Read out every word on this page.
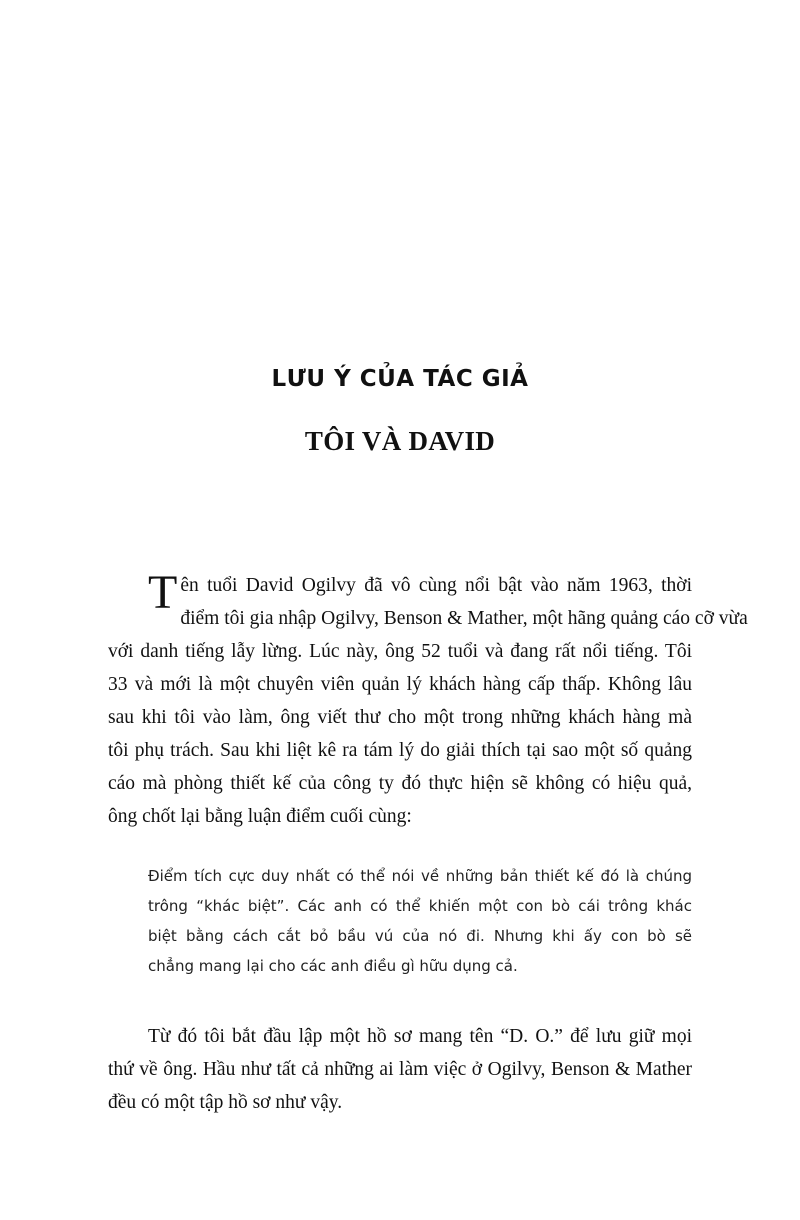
LƯU Ý CỦA TÁC GIẢ
TÔI VÀ DAVID
Tên tuổi David Ogilvy đã vô cùng nổi bật vào năm 1963, thời
điểm tôi gia nhập Ogilvy, Benson & Mather, một hãng quảng cáo cỡ vừa
với danh tiếng lẫy lừng. Lúc này, ông 52 tuổi và đang rất nổi tiếng. Tôi
33 và mới là một chuyên viên quản lý khách hàng cấp thấp. Không lâu
sau khi tôi vào làm, ông viết thư cho một trong những khách hàng mà
tôi phụ trách. Sau khi liệt kê ra tám lý do giải thích tại sao một số quảng
cáo mà phòng thiết kế của công ty đó thực hiện sẽ không có hiệu quả,
ông chốt lại bằng luận điểm cuối cùng:
Điểm tích cực duy nhất có thể nói về những bản thiết kế đó là chúng
trông “khác biệt”. Các anh có thể khiến một con bò cái trông khác
biệt bằng cách cắt bỏ bầu vú của nó đi. Nhưng khi ấy con bò sẽ
chẳng mang lại cho các anh điều gì hữu dụng cả.
Từ đó tôi bắt đầu lập một hồ sơ mang tên “D. O.” để lưu giữ mọi
thứ về ông. Hầu như tất cả những ai làm việc ở Ogilvy, Benson & Mather
đều có một tập hồ sơ như vậy.
